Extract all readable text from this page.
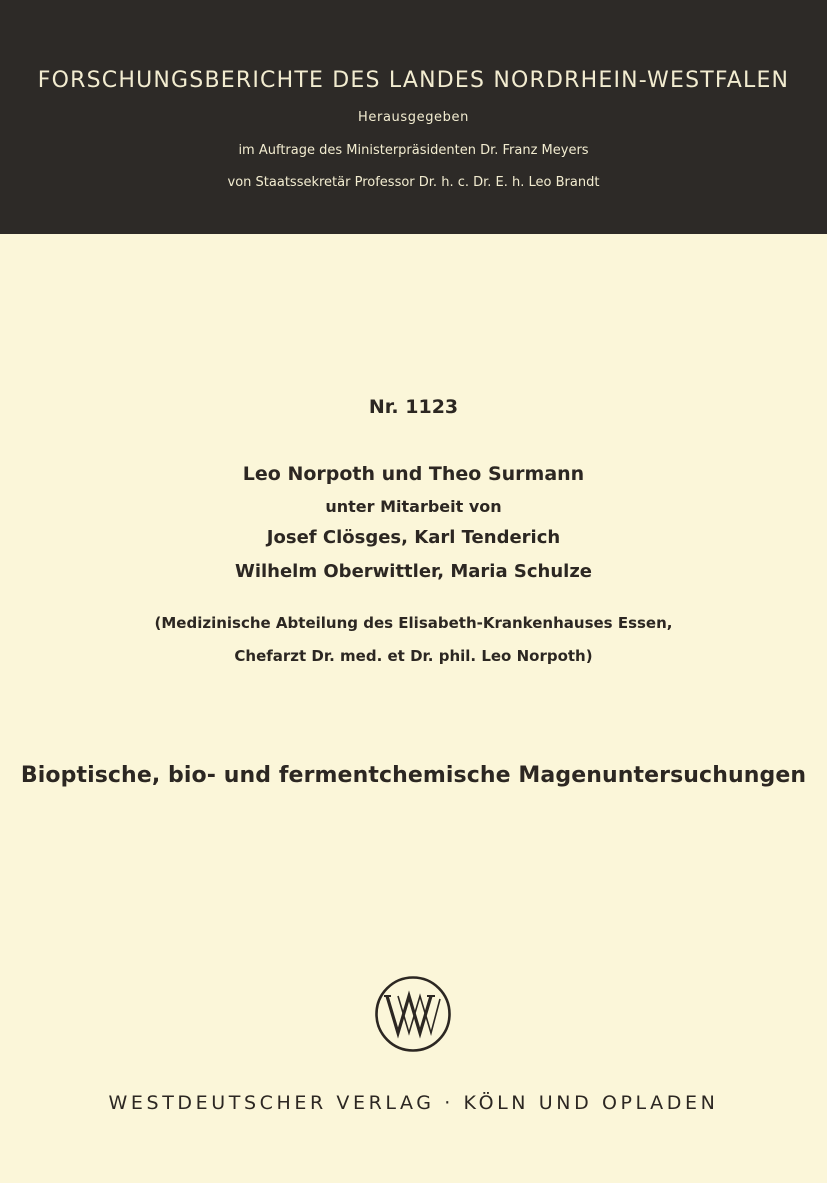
FORSCHUNGSBERICHTE DES LANDES NORDRHEIN-WESTFALEN
Herausgegeben
im Auftrage des Ministerpräsidenten Dr. Franz Meyers
von Staatssekretär Professor Dr. h. c. Dr. E. h. Leo Brandt
Nr. 1123
Leo Norpoth und Theo Surmann
unter Mitarbeit von
Josef Clösges, Karl Tenderich
Wilhelm Oberwittler, Maria Schulze
(Medizinische Abteilung des Elisabeth-Krankenhauses Essen,
Chefarzt Dr. med. et Dr. phil. Leo Norpoth)
Bioptische, bio- und fermentchemische Magenuntersuchungen
WESTDEUTSCHER VERLAG · KÖLN UND OPLADEN
